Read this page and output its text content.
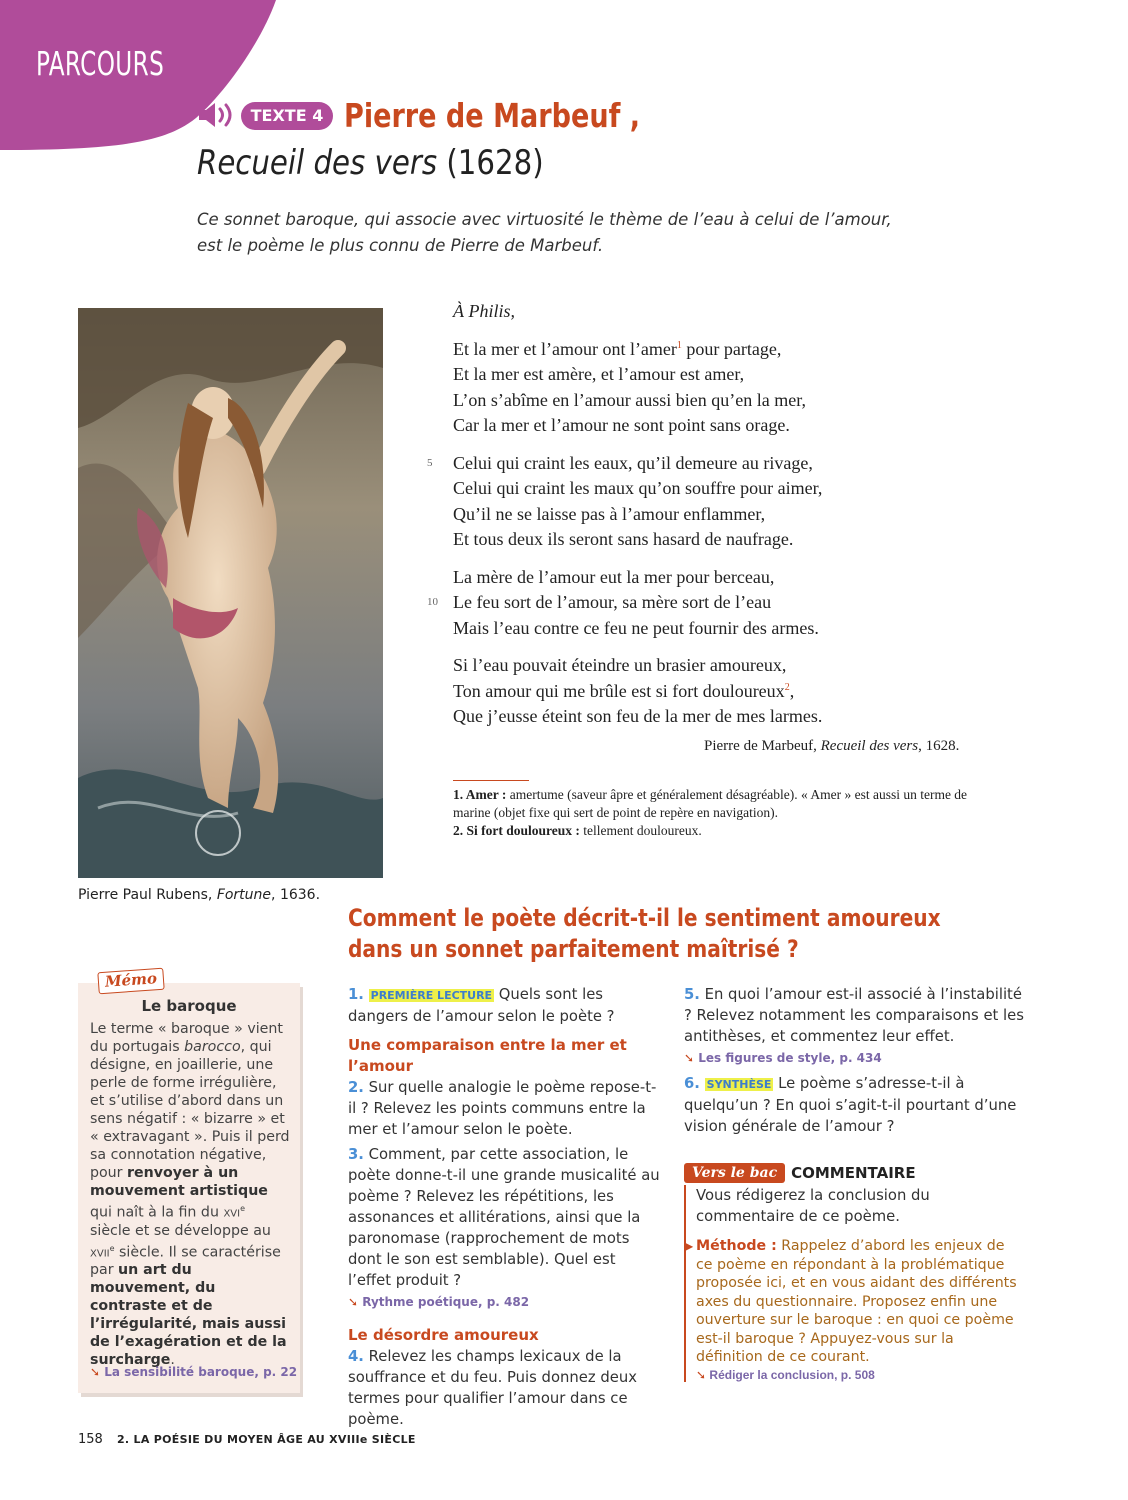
PARCOURS
TEXTE 4 Pierre de Marbeuf ,
Recueil des vers (1628)
Ce sonnet baroque, qui associe avec virtuosité le thème de l’eau à celui de l’amour,
est le poème le plus connu de Pierre de Marbeuf.
Pierre Paul Rubens, Fortune, 1636.
À Philis,
Et la mer et l’amour ont l’amer$^1$ pour partage,
Et la mer est amère, et l’amour est amer,
L’on s’abîme en l’amour aussi bien qu’en la mer,
Car la mer et l’amour ne sont point sans orage.
5 Celui qui craint les eaux, qu’il demeure au rivage,
Celui qui craint les maux qu’on souffre pour aimer,
Qu’il ne se laisse pas à l’amour enflammer,
Et tous deux ils seront sans hasard de naufrage.
La mère de l’amour eut la mer pour berceau,
10 Le feu sort de l’amour, sa mère sort de l’eau
Mais l’eau contre ce feu ne peut fournir des armes.
Si l’eau pouvait éteindre un brasier amoureux,
Ton amour qui me brûle est si fort douloureux$^2$,
Que j’eusse éteint son feu de la mer de mes larmes.
Pierre de Marbeuf, Recueil des vers, 1628.
1. Amer : amertume (saveur âpre et généralement désagréable). « Amer » est aussi un terme de marine (objet fixe qui sert de point de repère en navigation).
2. Si fort douloureux : tellement douloureux.
Comment le poète décrit-t-il le sentiment amoureux
dans un sonnet parfaitement maîtrisé ?
Mémo
Le baroque
Le terme « baroque » vient du portugais barocco, qui désigne, en joaillerie, une perle de forme irrégulière, et s’utilise d’abord dans un sens négatif : « bizarre » et « extravagant ». Puis il perd sa connotation négative, pour renvoyer à un mouvement artistique qui naît à la fin du xvi$^e$ siècle et se développe au xvii$^e$ siècle. Il se caractérise par un art du mouvement, du contraste et de l’irrégularité, mais aussi de l’exagération et de la surcharge.
➘ La sensibilité baroque, p. 22
1. PREMIÈRE LECTURE Quels sont les dangers de l’amour selon le poète ?
Une comparaison entre la mer et l’amour
2. Sur quelle analogie le poème repose-t-il ? Relevez les points communs entre la mer et l’amour selon le poète.
3. Comment, par cette association, le poète donne-t-il une grande musicalité au poème ? Relevez les répétitions, les assonances et allitérations, ainsi que la paronomase (rapprochement de mots dont le son est semblable). Quel est l’effet produit ?
➘ Rythme poétique, p. 482
Le désordre amoureux
4. Relevez les champs lexicaux de la souffrance et du feu. Puis donnez deux termes pour qualifier l’amour dans ce poème.
5. En quoi l’amour est-il associé à l’instabilité ? Relevez notamment les comparaisons et les antithèses, et commentez leur effet.
➘ Les figures de style, p. 434
6. SYNTHÈSE Le poème s’adresse-t-il à quelqu’un ? En quoi s’agit-t-il pourtant d’une vision générale de l’amour ?
Vers le bac COMMENTAIRE
Vous rédigerez la conclusion du commentaire de ce poème.
▶ Méthode : Rappelez d’abord les enjeux de ce poème en répondant à la problématique proposée ici, et en vous aidant des différents axes du questionnaire. Proposez enfin une ouverture sur le baroque : en quoi ce poème est-il baroque ? Appuyez-vous sur la définition de ce courant.
➘ Rédiger la conclusion, p. 508
158 2. LA POÉSIE DU MOYEN ÂGE AU XVIIIe SIÈCLE
